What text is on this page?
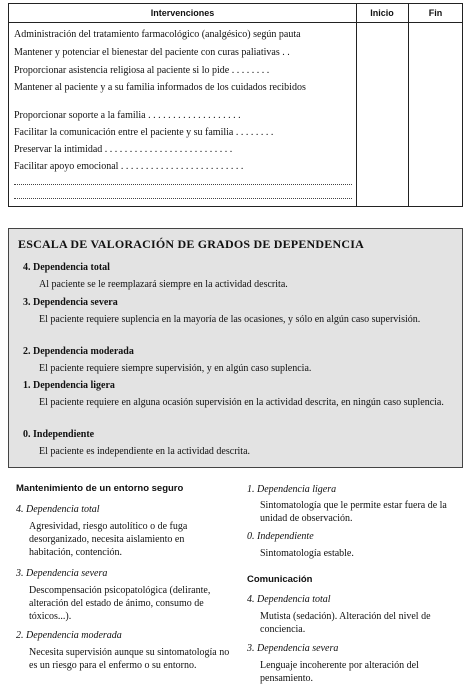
Intervenciones	Inicio	Fin
Administración del tratamiento farmacológico (analgésico) según pauta
Mantener y potenciar el bienestar del paciente con curas paliativas . .
Proporcionar asistencia religiosa al paciente si lo pide . . . . . . . .
Mantener al paciente y a su familia informados de los cuidados recibidos
Proporcionar soporte a la familia . . . . . . . . . . . . . . . . . . .
Facilitar la comunicación entre el paciente y su familia . . . . . . . .
Preservar la intimidad . . . . . . . . . . . . . . . . . . . . . . . . . .
Facilitar apoyo emocional . . . . . . . . . . . . . . . . . . . . . . . . .
ESCALA DE VALORACIÓN DE GRADOS DE DEPENDENCIA
4. Dependencia total
Al paciente se le reemplazará siempre en la actividad descrita.
3. Dependencia severa
El paciente requiere suplencia en la mayoría de las ocasiones, y sólo en algún caso supervisión.
2. Dependencia moderada
El paciente requiere siempre supervisión, y en algún caso suplencia.
1. Dependencia ligera
El paciente requiere en alguna ocasión supervisión en la actividad descrita, en ningún caso suplencia.
0. Independiente
El paciente es independiente en la actividad descrita.
Mantenimiento de un entorno seguro
4. Dependencia total
Agresividad, riesgo autolítico o de fuga desorganizado, necesita aislamiento en habitación, contención.
3. Dependencia severa
Descompensación psicopatológica (delirante, alteración del estado de ánimo, consumo de tóxicos...).
2. Dependencia moderada
Necesita supervisión aunque su sintomatología no es un riesgo para el enfermo o su entorno.
1. Dependencia ligera
Sintomatología que le permite estar fuera de la unidad de observación.
0. Independiente
Sintomatología estable.
Comunicación
4. Dependencia total
Mutista (sedación). Alteración del nivel de conciencia.
3. Dependencia severa
Lenguaje incoherente por alteración del pensamiento.
